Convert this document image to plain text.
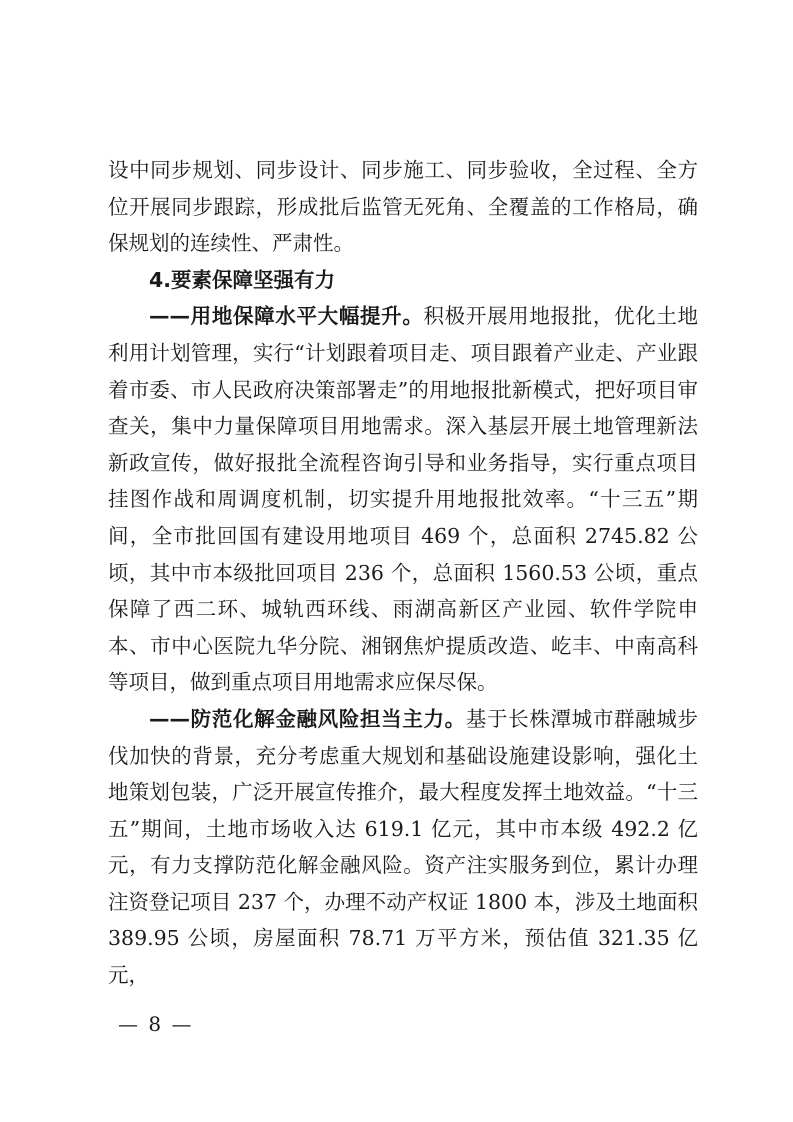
设中同步规划、同步设计、同步施工、同步验收，全过程、全方位开展同步跟踪，形成批后监管无死角、全覆盖的工作格局，确保规划的连续性、严肃性。

4.要素保障坚强有力

——用地保障水平大幅提升。积极开展用地报批，优化土地利用计划管理，实行“计划跟着项目走、项目跟着产业走、产业跟着市委、市人民政府决策部署走”的用地报批新模式，把好项目审查关，集中力量保障项目用地需求。深入基层开展土地管理新法新政宣传，做好报批全流程咨询引导和业务指导，实行重点项目挂图作战和周调度机制，切实提升用地报批效率。“十三五”期间，全市批回国有建设用地项目 469 个，总面积 2745.82 公顷，其中市本级批回项目 236 个，总面积 1560.53 公顷，重点保障了西二环、城轨西环线、雨湖高新区产业园、软件学院申本、市中心医院九华分院、湘钢焦炉提质改造、屹丰、中南高科等项目，做到重点项目用地需求应保尽保。

——防范化解金融风险担当主力。基于长株潭城市群融城步伐加快的背景，充分考虑重大规划和基础设施建设影响，强化土地策划包装，广泛开展宣传推介，最大程度发挥土地效益。“十三五”期间，土地市场收入达 619.1 亿元，其中市本级 492.2 亿元，有力支撑防范化解金融风险。资产注实服务到位，累计办理注资登记项目 237 个，办理不动产权证 1800 本，涉及土地面积 389.95 公顷，房屋面积 78.71 万平方米，预估值 321.35 亿元，

— 8 —
